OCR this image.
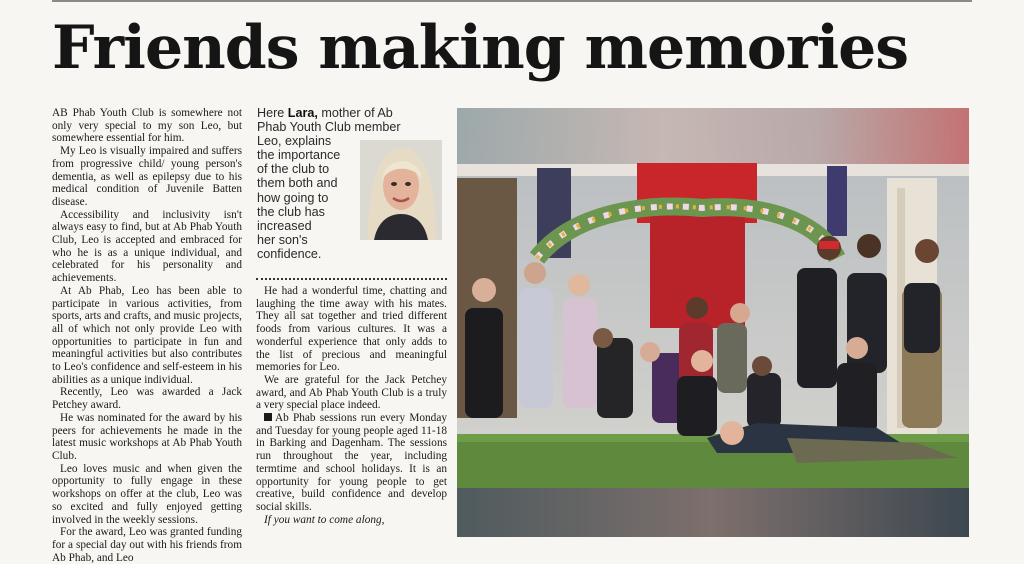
Friends making memories

AB Phab Youth Club is somewhere not only very special to my son Leo, but somewhere essential for him.

My Leo is visually impaired and suffers from progressive child/ young person's dementia, as well as epilepsy due to his medical condition of Juvenile Batten disease.

Accessibility and inclusivity isn't always easy to find, but at Ab Phab Youth Club, Leo is accepted and embraced for who he is as a unique individual, and celebrated for his personality and achievements.

At Ab Phab, Leo has been able to participate in various activities, from sports, arts and crafts, and music projects, all of which not only provide Leo with opportunities to participate in fun and meaningful activities but also contributes to Leo's confidence and self-esteem in his abilities as a unique individual.

Recently, Leo was awarded a Jack Petchey award.

He was nominated for the award by his peers for achievements he made in the latest music workshops at Ab Phab Youth Club.

Leo loves music and when given the opportunity to fully engage in these workshops on offer at the club, Leo was so excited and fully enjoyed getting involved in the weekly sessions.

For the award, Leo was granted funding for a special day out with his friends from Ab Phab, and Leo

Here Lara, mother of Ab
Phab Youth Club member
Leo, explains
the importance
of the club to
them both and
how going to
the club has
increased
her son's
confidence.

He had a wonderful time, chatting and laughing the time away with his mates. They all sat together and tried different foods from various cultures. It was a wonderful experience that only adds to the list of precious and meaningful memories for Leo.

We are grateful for the Jack Petchey award, and Ab Phab Youth Club is a truly a very special place indeed.

Ab Phab sessions run every Monday and Tuesday for young people aged 11-18 in Barking and Dagenham. The sessions run throughout the year, including termtime and school holidays. It is an opportunity for young people to get creative, build confidence and develop social skills.

If you want to come along,
